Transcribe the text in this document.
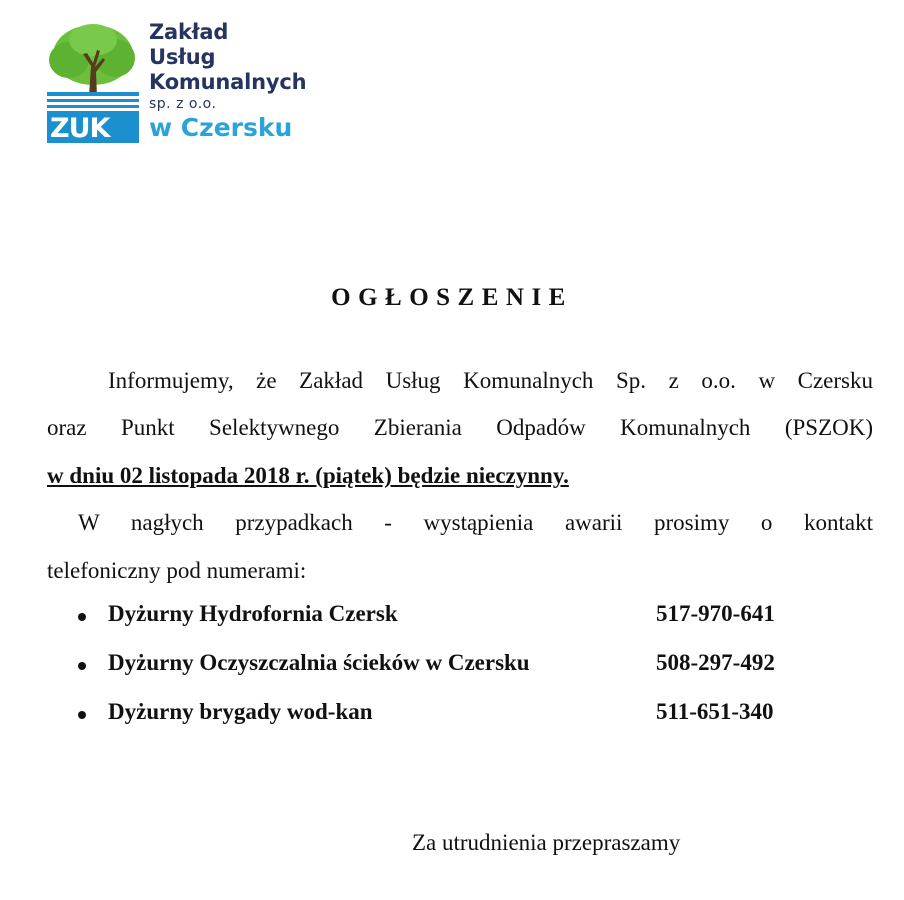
ZUK
Zakład
Usług
Komunalnych
sp. z o.o.
w Czersku
OGŁOSZENIE
Informujemy, że Zakład Usług Komunalnych Sp. z o.o. w Czersku
oraz Punkt Selektywnego Zbierania Odpadów Komunalnych (PSZOK)
w dniu 02 listopada 2018 r. (piątek) będzie nieczynny.
W nagłych przypadkach - wystąpienia awarii prosimy o kontakt
telefoniczny pod numerami:
Dyżurny Hydrofornia Czersk	517-970-641
Dyżurny Oczyszczalnia ścieków w Czersku	508-297-492
Dyżurny brygady wod-kan	511-651-340
Za utrudnienia przepraszamy
